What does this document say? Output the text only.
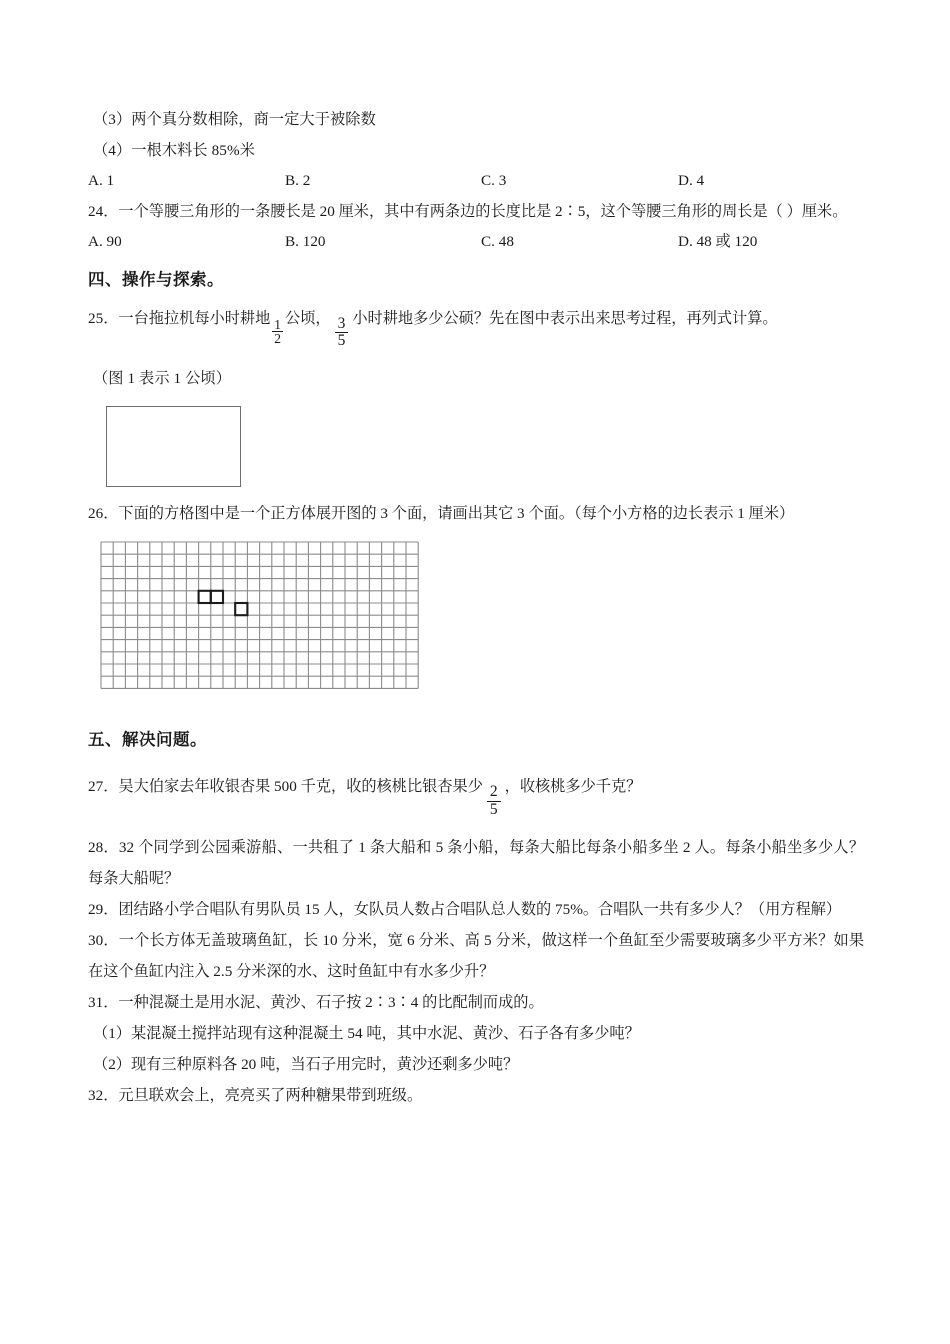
（3）两个真分数相除，商一定大于被除数
（4）一根木料长 85%米
A. 1	B. 2	C. 3	D. 4
24．一个等腰三角形的一条腰长是 20 厘米，其中有两条边的长度比是 2∶5，这个等腰三角形的周长是（ ）厘米。
A. 90	B. 120	C. 48	D. 48 或 120
四、操作与探索。
25．一台拖拉机每小时耕地 $\frac{1}{2}$ 公顷， $\frac{3}{5}$ 小时耕地多少公硕？先在图中表示出来思考过程，再列式计算。
（图 1 表示 1 公顷）
26．下面的方格图中是一个正方体展开图的 3 个面，请画出其它 3 个面。（每个小方格的边长表示 1 厘米）
五、解决问题。
27．吴大伯家去年收银杏果 500 千克，收的核桃比银杏果少 $\frac{2}{5}$ ，收核桃多少千克？
28．32 个同学到公园乘游船、一共租了 1 条大船和 5 条小船，每条大船比每条小船多坐 2 人。每条小船坐多少人？每条大船呢？
29．团结路小学合唱队有男队员 15 人，女队员人数占合唱队总人数的 75%。合唱队一共有多少人？（用方程解）
30．一个长方体无盖玻璃鱼缸，长 10 分米，宽 6 分米、高 5 分米，做这样一个鱼缸至少需要玻璃多少平方米？如果在这个鱼缸内注入 2.5 分米深的水、这时鱼缸中有水多少升？
31．一种混凝土是用水泥、黄沙、石子按 2∶3∶4 的比配制而成的。
（1）某混凝土搅拌站现有这种混凝土 54 吨，其中水泥、黄沙、石子各有多少吨？
（2）现有三种原料各 20 吨，当石子用完时，黄沙还剩多少吨？
32．元旦联欢会上，亮亮买了两种糖果带到班级。
